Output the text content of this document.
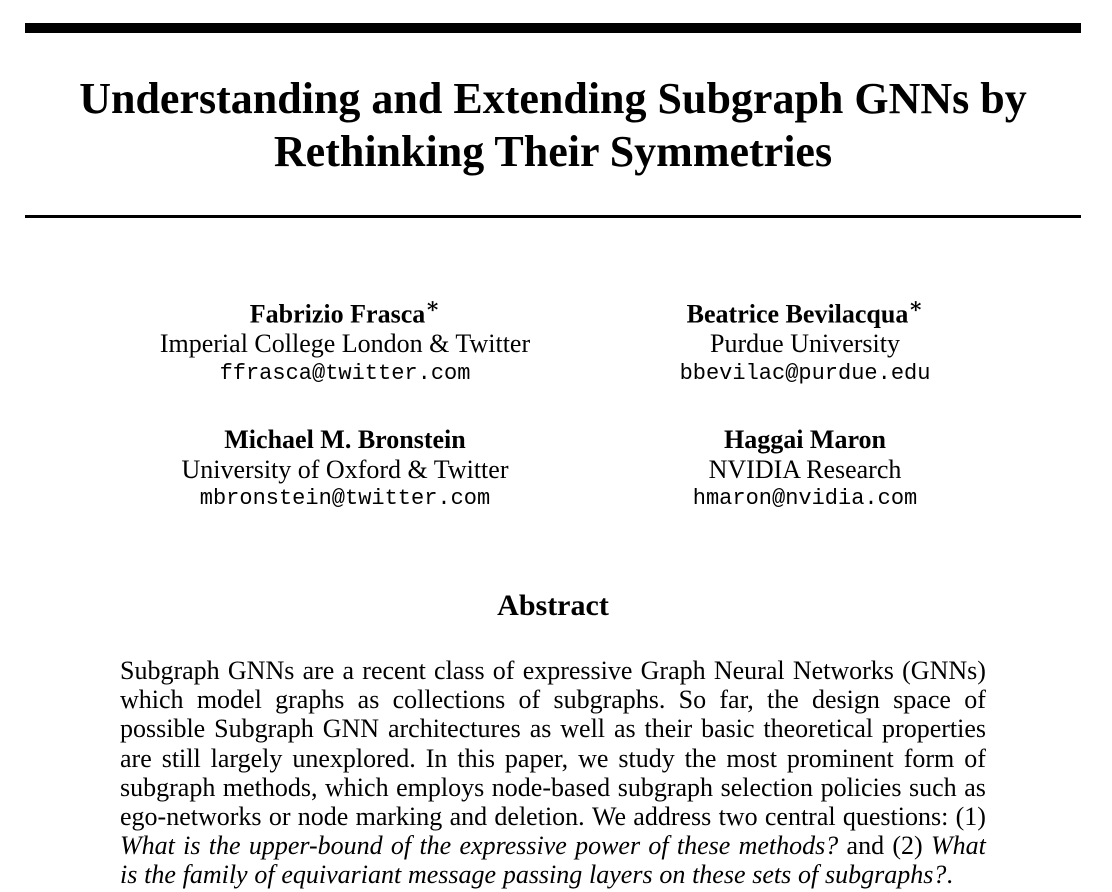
Understanding and Extending Subgraph GNNs by
Rethinking Their Symmetries
Fabrizio Frasca∗
Imperial College London & Twitter
ffrasca@twitter.com
Beatrice Bevilacqua∗
Purdue University
bbevilac@purdue.edu
Michael M. Bronstein
University of Oxford & Twitter
mbronstein@twitter.com
Haggai Maron
NVIDIA Research
hmaron@nvidia.com
Abstract
Subgraph GNNs are a recent class of expressive Graph Neural Networks (GNNs)
which model graphs as collections of subgraphs. So far, the design space of
possible Subgraph GNN architectures as well as their basic theoretical properties
are still largely unexplored. In this paper, we study the most prominent form of
subgraph methods, which employs node-based subgraph selection policies such as
ego-networks or node marking and deletion. We address two central questions: (1)
What is the upper-bound of the expressive power of these methods? and (2) What
is the family of equivariant message passing layers on these sets of subgraphs? .
